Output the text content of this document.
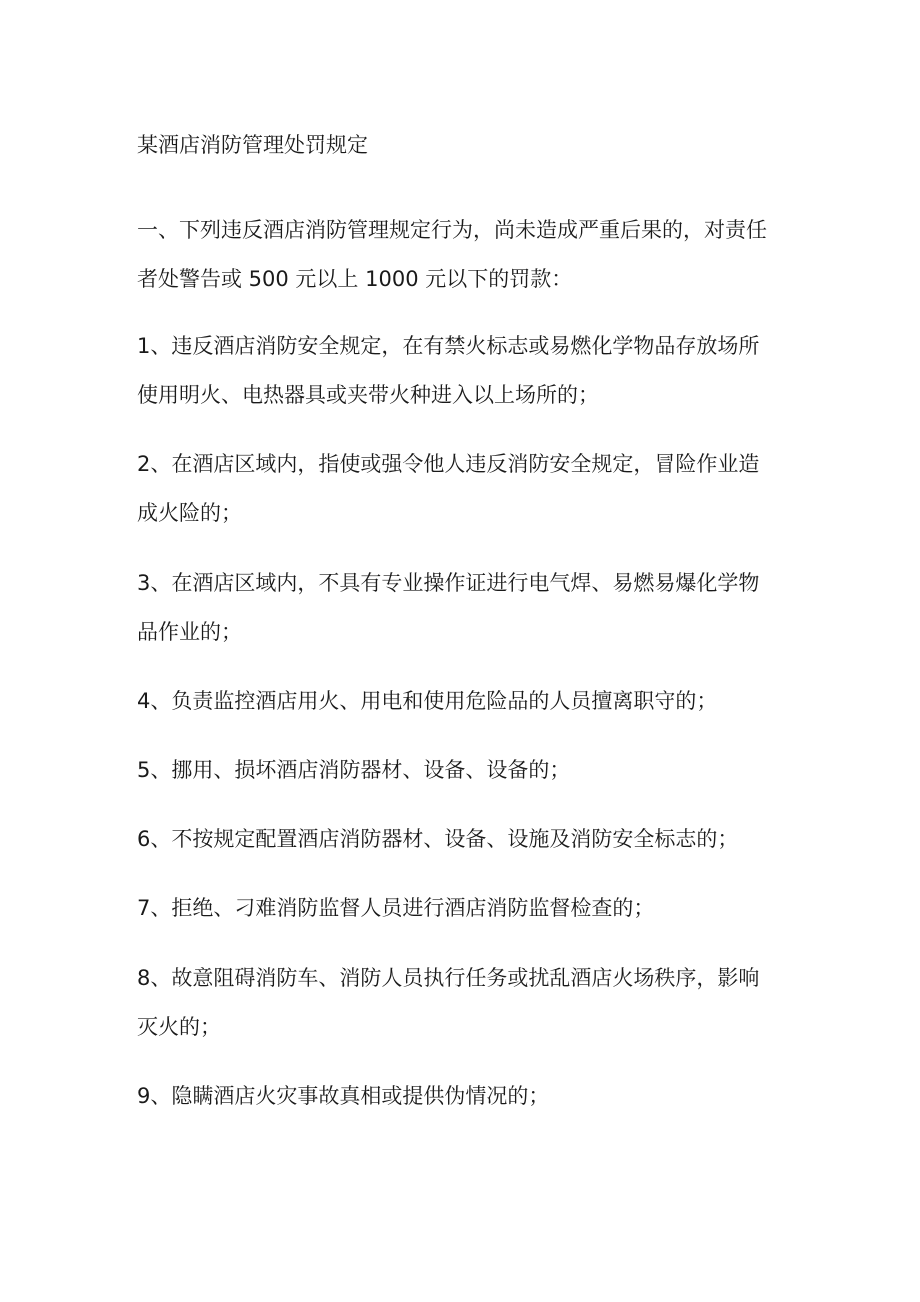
某酒店消防管理处罚规定

一、下列违反酒店消防管理规定行为，尚未造成严重后果的，对责任
者处警告或 500 元以上 1000 元以下的罚款：

1、违反酒店消防安全规定，在有禁火标志或易燃化学物品存放场所
使用明火、电热器具或夹带火种进入以上场所的；

2、在酒店区域内，指使或强令他人违反消防安全规定，冒险作业造
成火险的；

3、在酒店区域内，不具有专业操作证进行电气焊、易燃易爆化学物
品作业的；

4、负责监控酒店用火、用电和使用危险品的人员擅离职守的；

5、挪用、损坏酒店消防器材、设备、设备的；

6、不按规定配置酒店消防器材、设备、设施及消防安全标志的；

7、拒绝、刁难消防监督人员进行酒店消防监督检查的；

8、故意阻碍消防车、消防人员执行任务或扰乱酒店火场秩序，影响
灭火的；

9、隐瞒酒店火灾事故真相或提供伪情况的；
